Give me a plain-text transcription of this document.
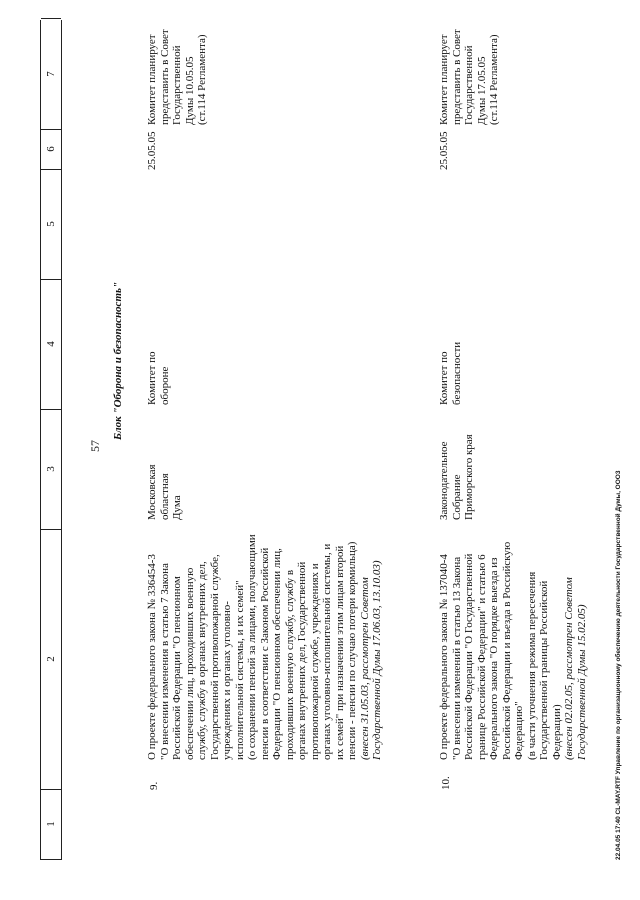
1
2
3
4
5
6
7
57
Блок "Оборона и безопасность"
9.
О проекте федерального закона № 336454-3 "О внесении изменения в статью 7 Закона Российской Федерации "О пенсионном обеспечении лиц, проходивших военную службу, службу в органах внутренних дел, Государственной противопожарной службе, учреждениях и органах уголовно- исполнительной системы, и их семей" (о сохранении пенсий за лицами, получающими пенсии в соответствии с Законом Российской Федерации "О пенсионном обеспечении лиц, проходивших военную службу, службу в органах внутренних дел, Государственной противопожарной службе, учреждениях и органах уголовно-исполнительной системы, и их семей" при назначении этим лицам второй пенсии - пенсии по случаю потери кормильца) (внесен 31.05.03, рассмотрен Советом Государственной Думы 17.06.03, 13.10.03)
Московская областная Дума
Комитет по обороне
25.05.05
Комитет планирует представить в Совет Государственной Думы 10.05.05 (ст.114 Регламента)
10.
О проекте федерального закона № 137040-4 "О внесении изменений в статью 13 Закона Российской Федерации "О Государственной границе Российской Федерации" и статью 6 Федерального закона "О порядке выезда из Российской Федерации и въезда в Российскую Федерацию" (в части уточнения режима пересечения Государственной границы Российской Федерации) (внесен 02.02.05, рассмотрен Советом Государственной Думы 15.02.05)
Законодательное Собрание Приморского края
Комитет по безопасности
25.05.05
Комитет планирует представить в Совет Государственной Думы 17.05.05 (ст.114 Регламента)
22.04.05 17:40 CL-MAY.RTF Управление по организационному обеспечению деятельности Государственной Думы, ООО3
